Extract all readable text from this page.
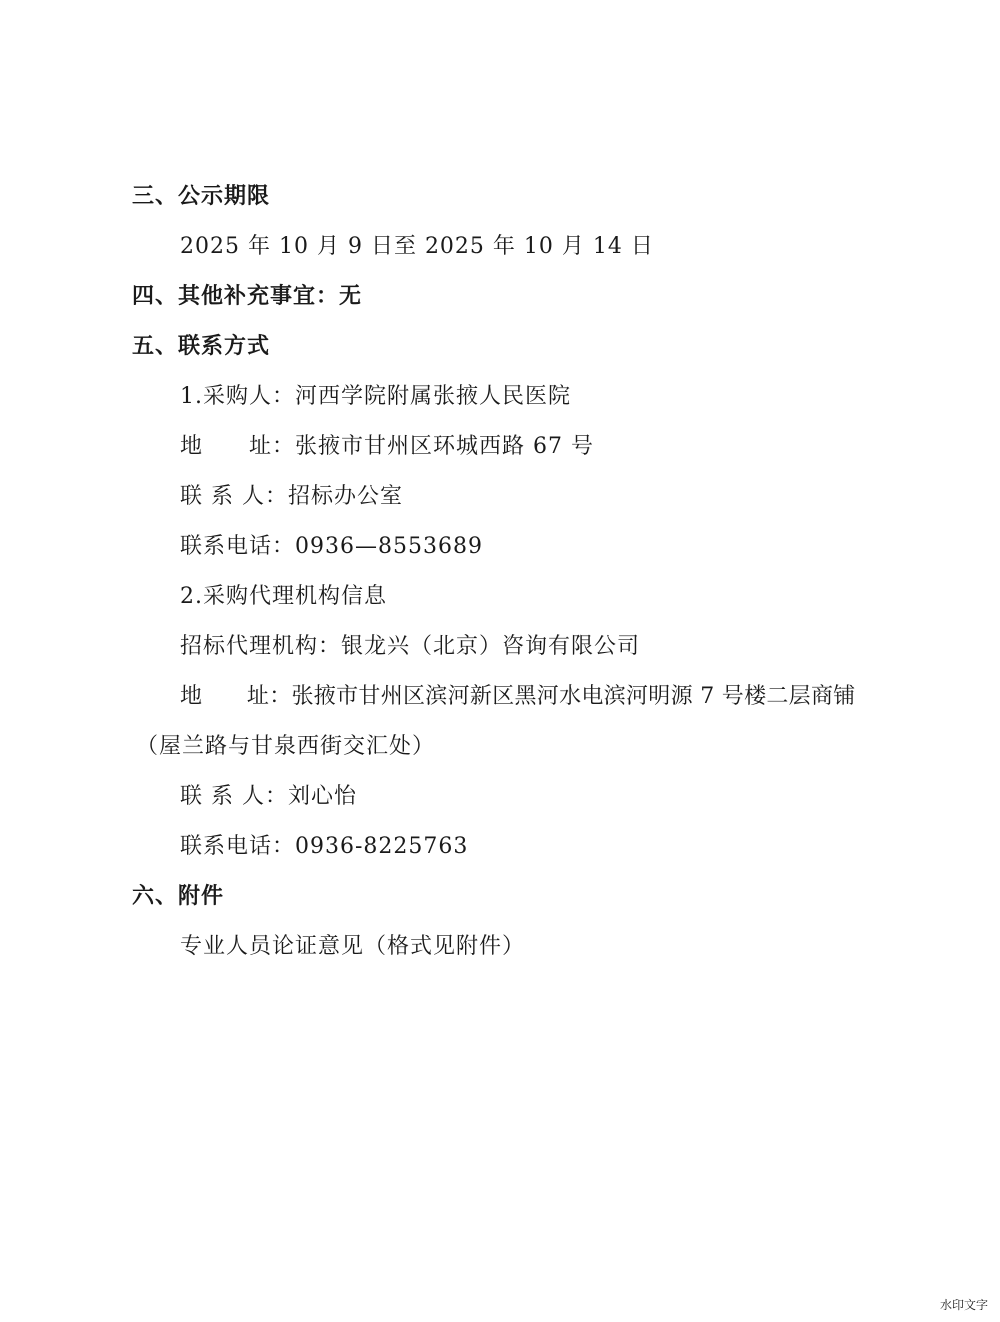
三、公示期限
2025 年 10 月 9 日至 2025 年 10 月 14 日
四、其他补充事宜：无
五、联系方式
1.采购人：河西学院附属张掖人民医院
地　　址：张掖市甘州区环城西路 67 号
联 系 人：招标办公室
联系电话：0936—8553689
2.采购代理机构信息
招标代理机构：银龙兴（北京）咨询有限公司
地　　址：张掖市甘州区滨河新区黑河水电滨河明源 7 号楼二层商铺
（屋兰路与甘泉西街交汇处）
联 系 人：刘心怡
联系电话：0936-8225763
六、附件
专业人员论证意见（格式见附件）
水印文字
